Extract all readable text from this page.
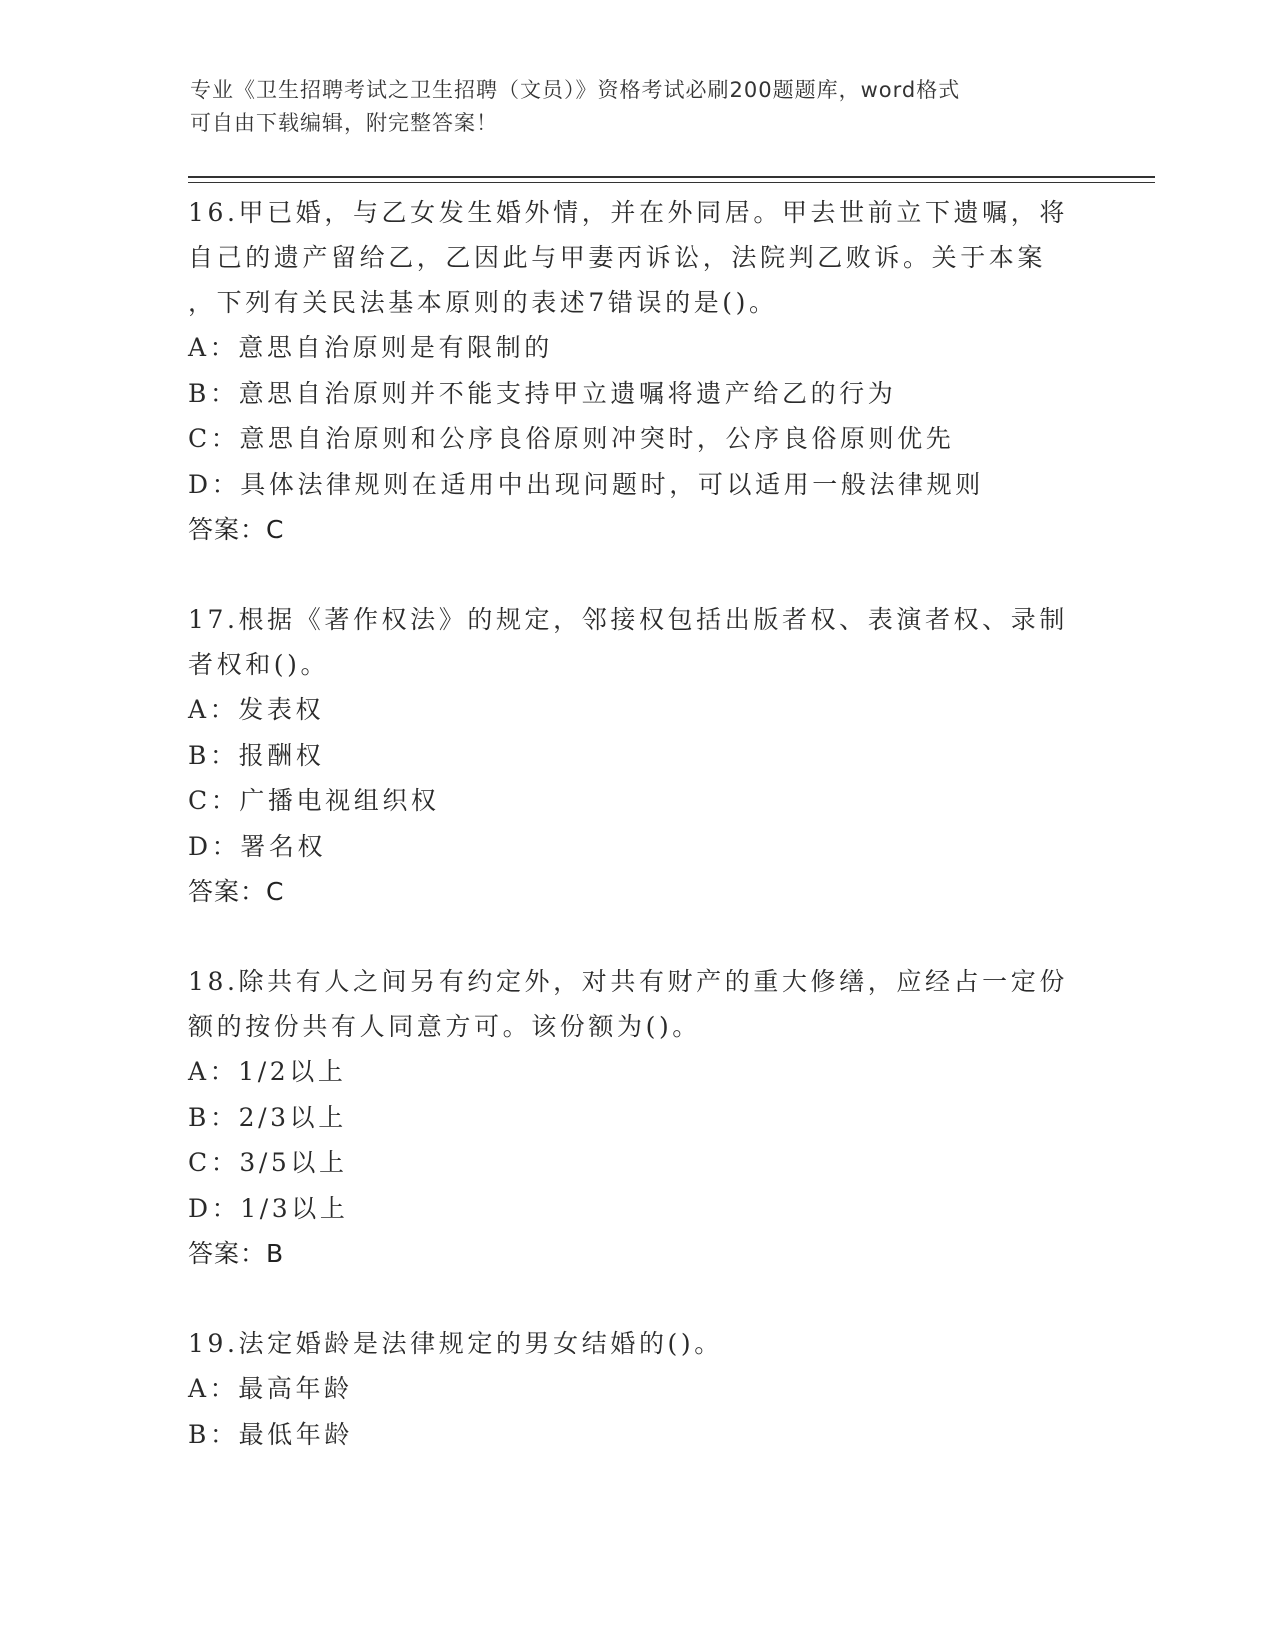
专业《卫生招聘考试之卫生招聘（文员）》资格考试必刷200题题库，word格式
可自由下载编辑，附完整答案！

16.甲已婚，与乙女发生婚外情，并在外同居。甲去世前立下遗嘱，将

自己的遗产留给乙，乙因此与甲妻丙诉讼，法院判乙败诉。关于本案

，下列有关民法基本原则的表述7错误的是()。

A：意思自治原则是有限制的

B：意思自治原则并不能支持甲立遗嘱将遗产给乙的行为

C：意思自治原则和公序良俗原则冲突时，公序良俗原则优先

D：具体法律规则在适用中出现问题时，可以适用一般法律规则

答案：C

17.根据《著作权法》的规定，邻接权包括出版者权、表演者权、录制

者权和()。

A：发表权

B：报酬权

C：广播电视组织权

D：署名权

答案：C

18.除共有人之间另有约定外，对共有财产的重大修缮，应经占一定份

额的按份共有人同意方可。该份额为()。

A：1/2以上

B：2/3以上

C：3/5以上

D：1/3以上

答案：B

19.法定婚龄是法律规定的男女结婚的()。

A：最高年龄

B：最低年龄
